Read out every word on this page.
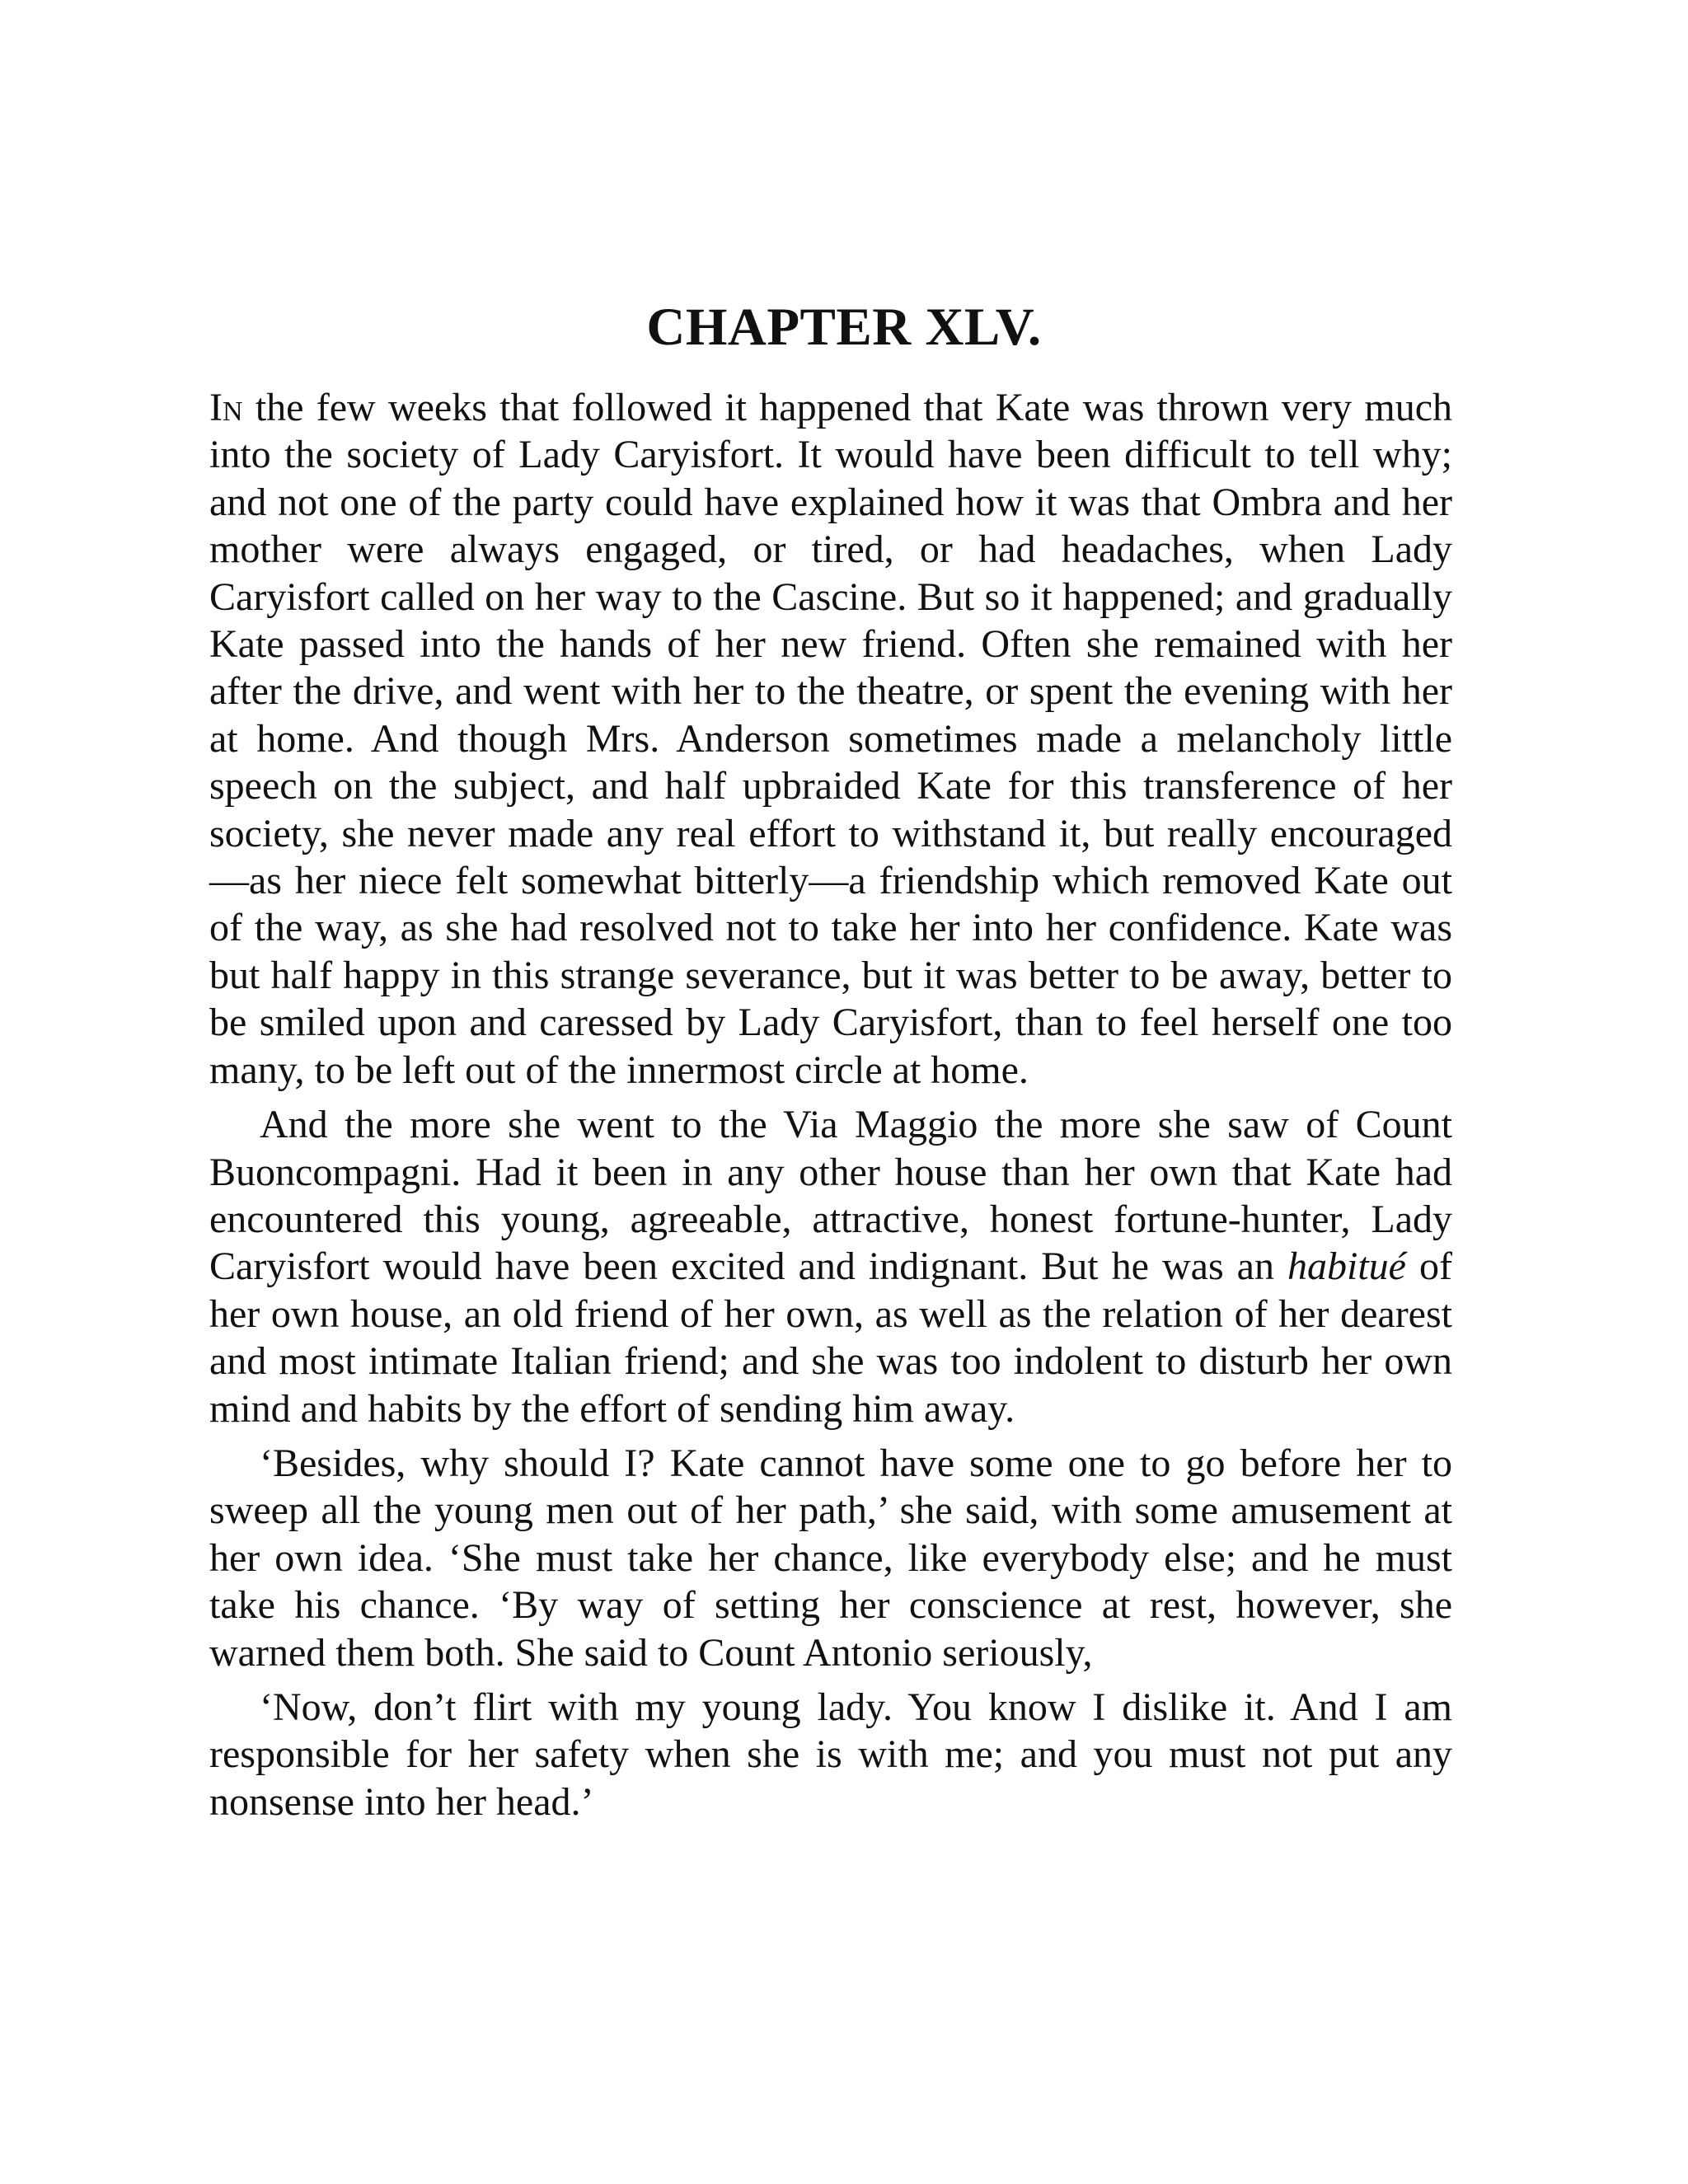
CHAPTER XLV.

In the few weeks that followed it happened that Kate was thrown very much into the society of Lady Caryisfort. It would have been difficult to tell why; and not one of the party could have explained how it was that Ombra and her mother were always engaged, or tired, or had headaches, when Lady Caryisfort called on her way to the Cascine. But so it happened; and gradually Kate passed into the hands of her new friend. Often she remained with her after the drive, and went with her to the theatre, or spent the evening with her at home. And though Mrs. Anderson sometimes made a melancholy little speech on the subject, and half upbraided Kate for this transference of her society, she never made any real effort to withstand it, but really encouraged—as her niece felt somewhat bitterly—a friendship which removed Kate out of the way, as she had resolved not to take her into her confidence. Kate was but half happy in this strange severance, but it was better to be away, better to be smiled upon and caressed by Lady Caryisfort, than to feel herself one too many, to be left out of the innermost circle at home.

And the more she went to the Via Maggio the more she saw of Count Buoncompagni. Had it been in any other house than her own that Kate had encountered this young, agreeable, attractive, honest fortune-hunter, Lady Caryisfort would have been excited and indignant. But he was an habitué of her own house, an old friend of her own, as well as the relation of her dearest and most intimate Italian friend; and she was too indolent to disturb her own mind and habits by the effort of sending him away.

‘Besides, why should I? Kate cannot have some one to go before her to sweep all the young men out of her path,’ she said, with some amusement at her own idea. ‘She must take her chance, like everybody else; and he must take his chance. ‘By way of setting her conscience at rest, however, she warned them both. She said to Count Antonio seriously,

‘Now, don’t flirt with my young lady. You know I dislike it. And I am responsible for her safety when she is with me; and you must not put any nonsense into her head.’
